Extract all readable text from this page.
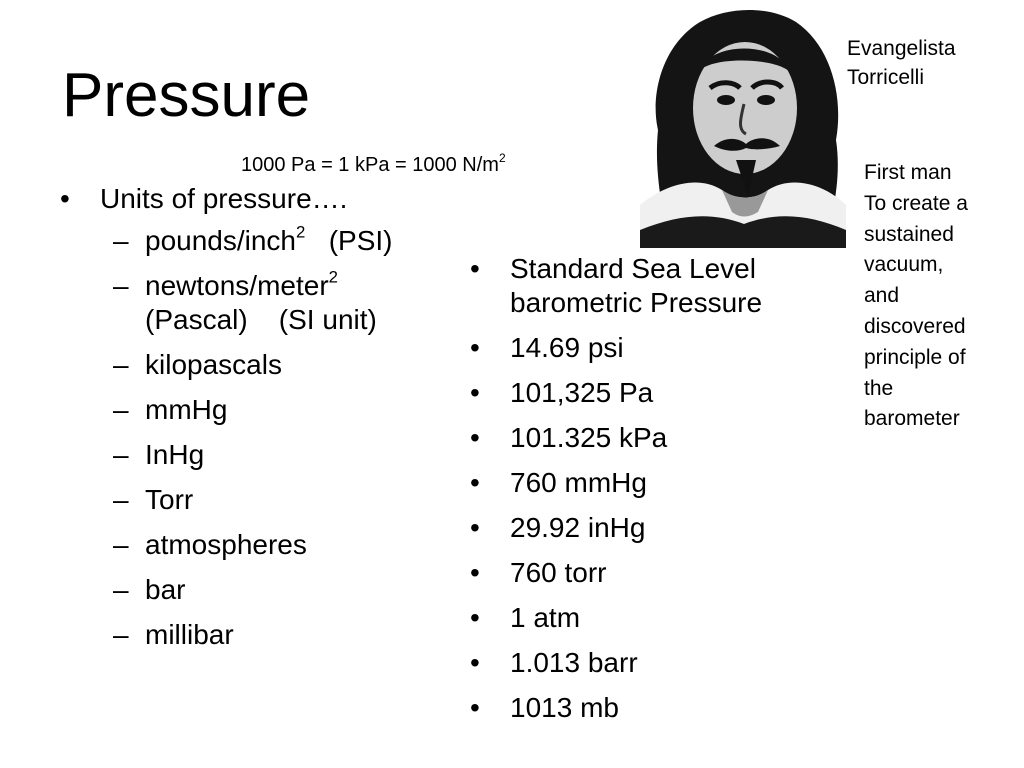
Pressure
1000 Pa = 1 kPa = 1000 $N/m^2$
• Units of pressure….
– pounds/inch$^2$   (PSI)
– newtons/meter$^2$
(Pascal)    (SI unit)
– kilopascals
– mmHg
– InHg
– Torr
– atmospheres
– bar
– millibar
• Standard Sea Level barometric Pressure
• 14.69 psi
• 101,325 Pa
• 101.325 kPa
• 760 mmHg
• 29.92 inHg
• 760 torr
• 1 atm
• 1.013 barr
• 1013 mb
Evangelista
Torricelli
First man
To create a
sustained
vacuum,
and
discovered
principle of
the
barometer
